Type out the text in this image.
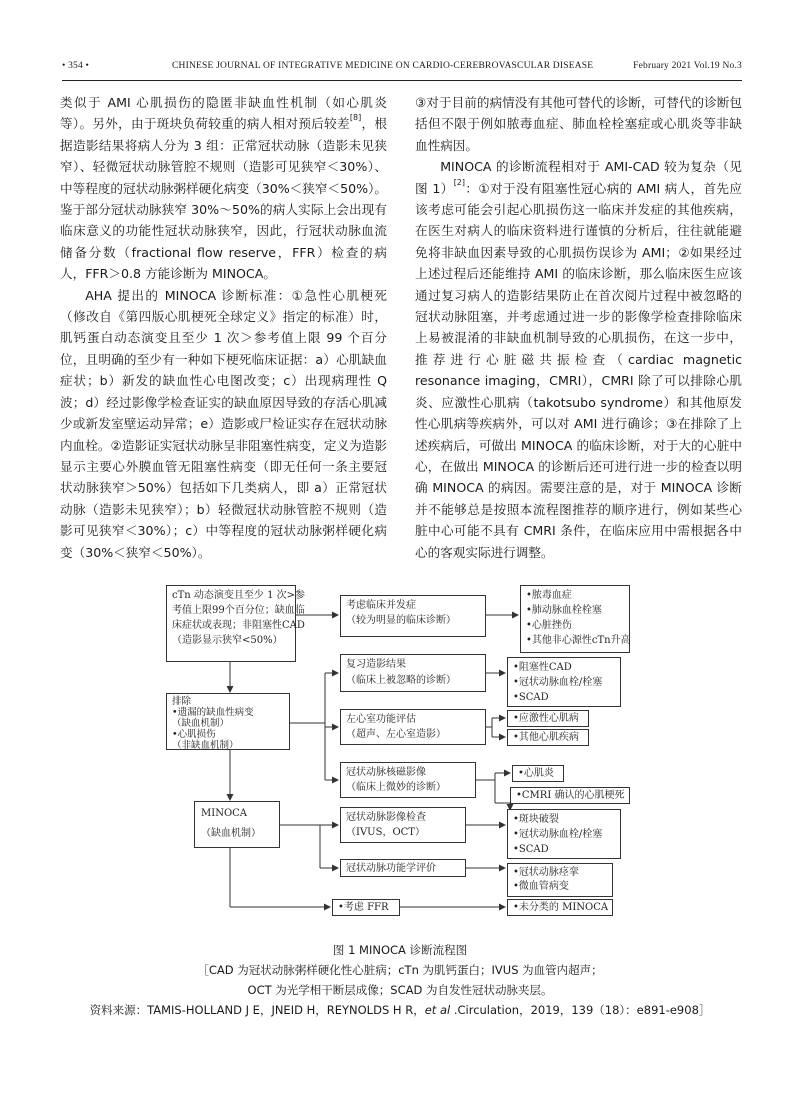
• 354 •	CHINESE JOURNAL OF INTEGRATIVE MEDICINE ON CARDIO-CEREBROVASCULAR DISEASE	February 2021 Vol.19 No.3

类似于 AMI 心肌损伤的隐匿非缺血性机制（如心肌炎等）。另外，由于斑块负荷较重的病人相对预后较差[8]，根据造影结果将病人分为 3 组：正常冠状动脉（造影未见狭窄）、轻微冠状动脉管腔不规则（造影可见狭窄＜30%）、中等程度的冠状动脉粥样硬化病变（30%＜狭窄＜50%）。鉴于部分冠状动脉狭窄 30%～50%的病人实际上会出现有临床意义的功能性冠状动脉狭窄，因此，行冠状动脉血流储备分数（fractional flow reserve，FFR）检查的病人，FFR＞0.8 方能诊断为 MINOCA。

AHA 提出的 MINOCA 诊断标准：①急性心肌梗死（修改自《第四版心肌梗死全球定义》指定的标准）时，肌钙蛋白动态演变且至少 1 次＞参考值上限 99 个百分位，且明确的至少有一种如下梗死临床证据：a）心肌缺血症状；b）新发的缺血性心电图改变；c）出现病理性 Q 波；d）经过影像学检查证实的缺血原因导致的存活心肌减少或新发室壁运动异常；e）造影或尸检证实存在冠状动脉内血栓。②造影证实冠状动脉呈非阻塞性病变，定义为造影显示主要心外膜血管无阻塞性病变（即无任何一条主要冠状动脉狭窄＞50%）包括如下几类病人，即 a）正常冠状动脉（造影未见狭窄）；b）轻微冠状动脉管腔不规则（造影可见狭窄＜30%）；c）中等程度的冠状动脉粥样硬化病变（30%＜狭窄＜50%）。

③对于目前的病情没有其他可替代的诊断，可替代的诊断包括但不限于例如脓毒血症、肺血栓栓塞症或心肌炎等非缺血性病因。

MINOCA 的诊断流程相对于 AMI-CAD 较为复杂（见图 1）[2]：①对于没有阻塞性冠心病的 AMI 病人，首先应该考虑可能会引起心肌损伤这一临床并发症的其他疾病，在医生对病人的临床资料进行谨慎的分析后，往往就能避免将非缺血因素导致的心肌损伤误诊为 AMI；②如果经过上述过程后还能维持 AMI 的临床诊断，那么临床医生应该通过复习病人的造影结果防止在首次阅片过程中被忽略的冠状动脉阻塞，并考虑通过进一步的影像学检查排除临床上易被混淆的非缺血机制导致的心肌损伤，在这一步中，推荐进行心脏磁共振检查（cardiac magnetic resonance imaging，CMRI），CMRI 除了可以排除心肌炎、应激性心肌病（takotsubo syndrome）和其他原发性心肌病等疾病外，可以对 AMI 进行确诊；③在排除了上述疾病后，可做出 MINOCA 的临床诊断，对于大的心脏中心，在做出 MINOCA 的诊断后还可进行进一步的检查以明确 MINOCA 的病因。需要注意的是，对于 MINOCA 诊断并不能够总是按照本流程图推荐的顺序进行，例如某些心脏中心可能不具有 CMRI 条件，在临床应用中需根据各中心的客观实际进行调整。

cTn 动态演变且至少 1 次>参
考值上限99个百分位；缺血临
床症状或表现；非阻塞性CAD
（造影显示狭窄<50%）
考虑临床并发症
（较为明显的临床诊断）
•脓毒血症
•肺动脉血栓栓塞
•心脏挫伤
•其他非心源性cTn升高
排除
•遗漏的缺血性病变
（缺血机制）
•心肌损伤
（非缺血机制）
复习造影结果
（临床上被忽略的诊断）
•阻塞性CAD
•冠状动脉血栓/栓塞
•SCAD
左心室功能评估
（超声、左心室造影）
•应激性心肌病
•其他心肌疾病
冠状动脉核磁影像
（临床上微妙的诊断）
•心肌炎
MINOCA
（缺血机制）
冠状动脉影像检查
（IVUS，OCT）
•斑块破裂
•冠状动脉血栓/栓塞
•SCAD
冠状动脉功能学评价	•冠状动脉痉挛
•微血管病变
•考虑 FFR	•未分类的 MINOCA
•CMRI 确认的心肌梗死
图 1 MINOCA 诊断流程图
［CAD 为冠状动脉粥样硬化性心脏病；cTn 为肌钙蛋白；IVUS 为血管内超声；
OCT 为光学相干断层成像；SCAD 为自发性冠状动脉夹层。
资料来源：TAMIS-HOLLAND J E，JNEID H，REYNOLDS H R，et al .Circulation，2019，139（18）：e891-e908］
